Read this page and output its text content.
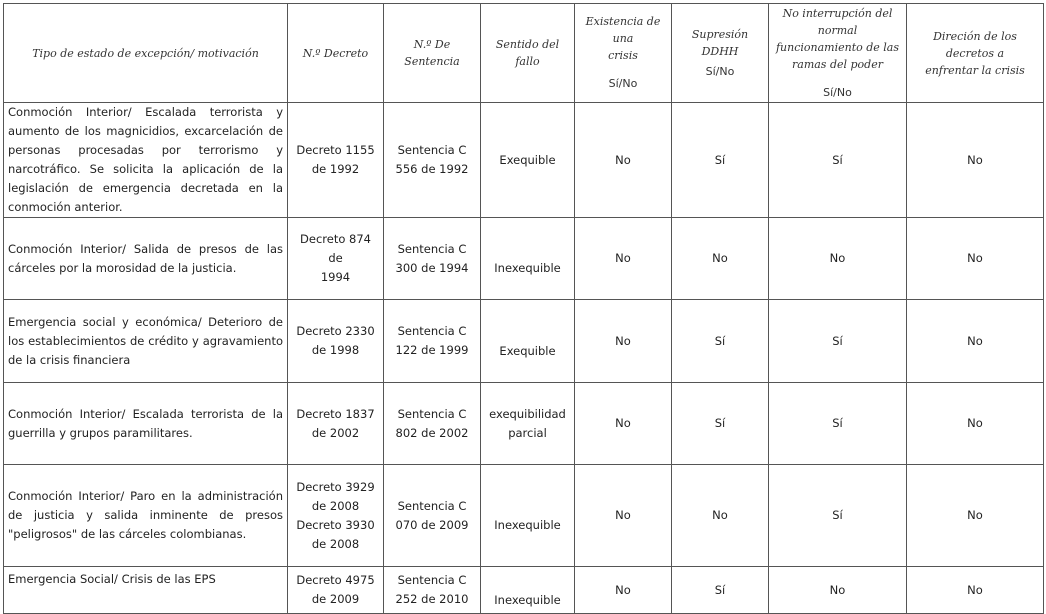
Tipo de estado de excepción/ motivación	N.º Decreto	N.º De Sentencia	Sentido del fallo	Existencia de una
crisis
Sí/No	Supresión DDHH
Sí/No	No interrupción del normal
funcionamiento de las
ramas del poder
Sí/No	Direción de los decretos a
enfrentar la crisis

Conmoción Interior/ Escalada terrorista y aumento de los magnicidios, excarcelación de personas procesadas por terrorismo y narcotráfico. Se solicita la aplicación de la legislación de emergencia decretada en la conmoción anterior.	Decreto 1155
de 1992	Sentencia C
556 de 1992	Exequible	No	Sí	Sí	No
Conmoción Interior/ Salida de presos de las cárceles por la morosidad de la justicia.	Decreto 874 de
1994	Sentencia C
300 de 1994	Inexequible	No	No	No	No
Emergencia social y económica/ Deterioro de los establecimientos de crédito y agravamiento de la crisis financiera	Decreto 2330
de 1998	Sentencia C
122 de 1999	Exequible	No	Sí	Sí	No
Conmoción Interior/ Escalada terrorista de la guerrilla y grupos paramilitares.	Decreto 1837
de 2002	Sentencia C
802 de 2002	exequibilidad
parcial	No	Sí	Sí	No
Conmoción Interior/ Paro en la administración de justicia y salida inminente de presos "peligrosos" de las cárceles colombianas.	Decreto 3929
de 2008
Decreto 3930
de 2008	Sentencia C
070 de 2009	Inexequible	No	No	Sí	No
Emergencia Social/ Crisis de las EPS	Decreto 4975
de 2009	Sentencia C
252 de 2010	Inexequible	No	Sí	No	No
